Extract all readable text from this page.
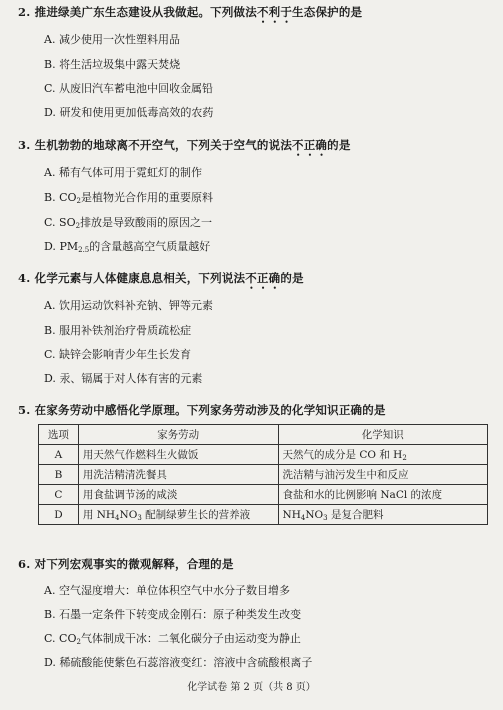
2. 推进绿美广东生态建设从我做起。下列做法不利于生态保护的是
A. 减少使用一次性塑料用品
B. 将生活垃圾集中露天焚烧
C. 从废旧汽车蓄电池中回收金属铅
D. 研发和使用更加低毒高效的农药
3. 生机勃勃的地球离不开空气，下列关于空气的说法不正确的是
A. 稀有气体可用于霓虹灯的制作
B. $CO_2$是植物光合作用的重要原料
C. $SO_2$排放是导致酸雨的原因之一
D. $PM_{2.5}$的含量越高空气质量越好
4. 化学元素与人体健康息息相关，下列说法不正确的是
A. 饮用运动饮料补充钠、钾等元素
B. 服用补铁剂治疗骨质疏松症
C. 缺锌会影响青少年生长发育
D. 汞、镉属于对人体有害的元素
5. 在家务劳动中感悟化学原理。下列家务劳动涉及的化学知识正确的是
选项	家务劳动	化学知识
A	用天然气作燃料生火做饭	天然气的成分是 CO 和 $H_2$
B	用洗洁精清洗餐具	洗洁精与油污发生中和反应
C	用食盐调节汤的咸淡	食盐和水的比例影响 NaCl 的浓度
D	用 $NH_4NO_3$ 配制绿萝生长的营养液	$NH_4NO_3$ 是复合肥料
6. 对下列宏观事实的微观解释，合理的是
A. 空气湿度增大：单位体积空气中水分子数目增多
B. 石墨一定条件下转变成金刚石：原子种类发生改变
C. $CO_2$气体制成干冰：二氧化碳分子由运动变为静止
D. 稀硫酸能使紫色石蕊溶液变红：溶液中含硫酸根离子
化学试卷 第 2 页（共 8 页）
